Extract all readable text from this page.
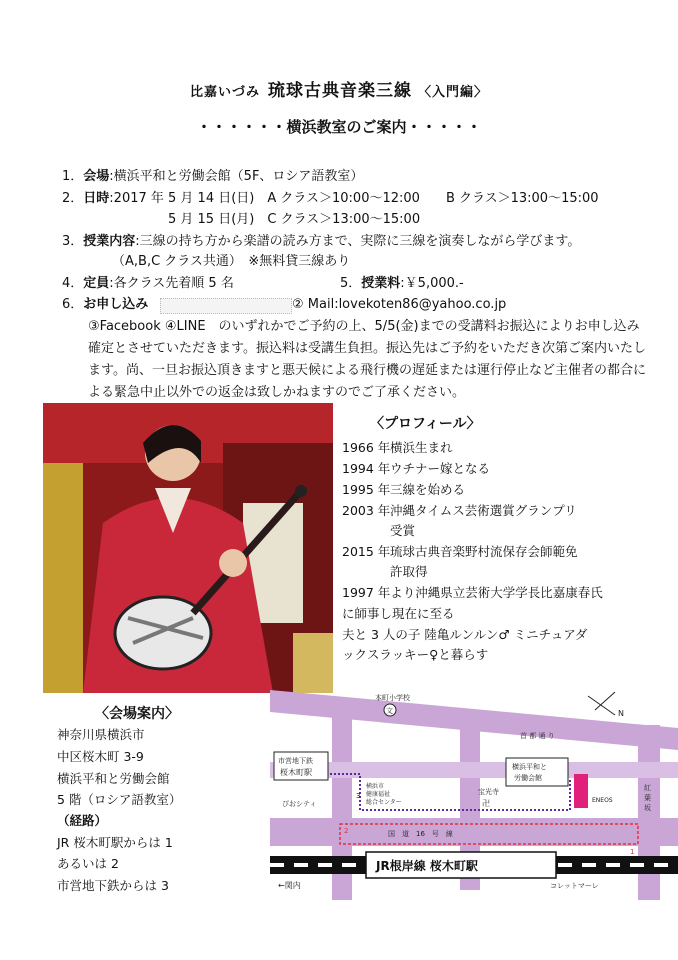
比嘉いづみ 琉球古典音楽三線 〈入門編〉
・・・・・・横浜教室のご案内・・・・・
1．会場:横浜平和と労働会館（5F、ロシア語教室）
2．日時:2017 年 5 月 14 日(日)　A クラス＞10:00～12:00　　B クラス＞13:00～15:00
5 月 15 日(月)　C クラス＞13:00～15:00
3．授業内容:三線の持ち方から楽譜の読み方まで、実際に三線を演奏しながら学びます。
（A,B,C クラス共通）　※無料貸三線あり
4．定員:各クラス先着順 5 名	5．授業料:￥5,000.-
6．お申し込み	② Mail:lovekoten86@yahoo.co.jp
③Facebook ④LINE　のいずれかでご予約の上、5/5(金)までの受講料お振込によりお申し込み確定とさせていただきます。振込料は受講生負担。振込先はご予約をいただき次第ご案内いたします。尚、一旦お振込頂きますと悪天候による飛行機の遅延または運行停止など主催者の都合による緊急中止以外での返金は致しかねますのでご了承ください。
〈プロフィール〉
1966 年横浜生まれ
1994 年ウチナー嫁となる
1995 年三線を始める
2003 年沖縄タイムス芸術選賞グランプリ
受賞
2015 年琉球古典音楽野村流保存会師範免
許取得
1997 年より沖縄県立芸術大学学長比嘉康春氏
に師事し現在に至る
夫と 3 人の子 陸亀ルンルン♂ ミニチュアダ
ックスラッキー♀と暮らす
〈会場案内〉
神奈川県横浜市
中区桜木町 3-9
横浜平和と労働会館
5 階（ロシア語教室）
（経路）
JR 桜木町駅からは 1
あるいは 2
市営地下鉄からは 3
本町小学校
文	N
首 都 通 り
市営地下鉄
桜木町駅
3
ぴおシティ
横浜市
健康福祉
総合センター
宝光寺
卍
横浜平和と
労働会館
ENEOS
紅
葉
坂
2
1
国　道　16　号　線
JR根岸線 桜木町駅
←関内	コレットマーレ
